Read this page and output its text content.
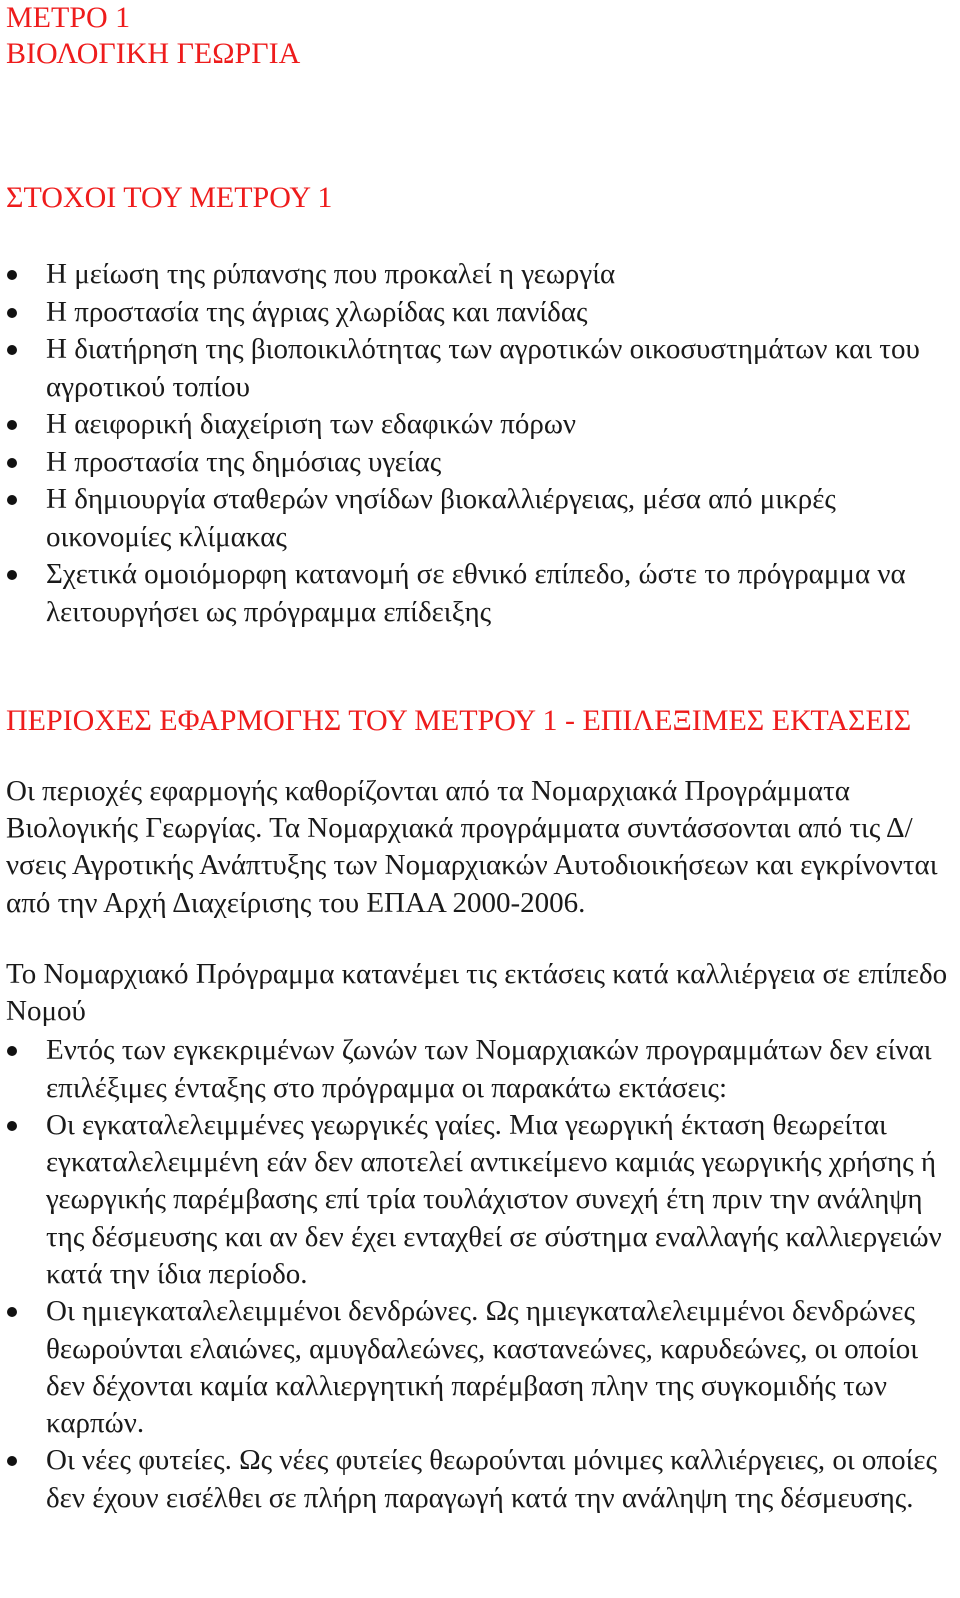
ΜΕΤΡΟ 1
ΒΙΟΛΟΓΙΚΗ ΓΕΩΡΓΙΑ
ΣΤΟΧΟΙ ΤΟΥ ΜΕΤΡΟΥ 1
Η μείωση της ρύπανσης που προκαλεί η γεωργία
Η προστασία της άγριας χλωρίδας και πανίδας
Η διατήρηση της βιοποικιλότητας των αγροτικών οικοσυστημάτων και του αγροτικού τοπίου
Η αειφορική διαχείριση των εδαφικών πόρων
Η προστασία της δημόσιας υγείας
Η δημιουργία σταθερών νησίδων βιοκαλλιέργειας, μέσα από μικρές οικονομίες κλίμακας
Σχετικά ομοιόμορφη κατανομή σε εθνικό επίπεδο, ώστε το πρόγραμμα να λειτουργήσει ως πρόγραμμα επίδειξης
ΠΕΡΙΟΧΕΣ ΕΦΑΡΜΟΓΗΣ ΤΟΥ ΜΕΤΡΟΥ 1 - ΕΠΙΛΕΞΙΜΕΣ ΕΚΤΑΣΕΙΣ

Οι περιοχές εφαρμογής καθορίζονται από τα Νομαρχιακά Προγράμματα Βιολογικής Γεωργίας. Τα Νομαρχιακά προγράμματα συντάσσονται από τις Δ/νσεις Αγροτικής Ανάπτυξης των Νομαρχιακών Αυτοδιοικήσεων και εγκρίνονται από την Αρχή Διαχείρισης του ΕΠΑΑ 2000-2006.

Το Νομαρχιακό Πρόγραμμα κατανέμει τις εκτάσεις κατά καλλιέργεια σε επίπεδο Νομού

Εντός των εγκεκριμένων ζωνών των Νομαρχιακών προγραμμάτων δεν είναι επιλέξιμες ένταξης στο πρόγραμμα οι παρακάτω εκτάσεις:
Οι εγκαταλελειμμένες γεωργικές γαίες. Μια γεωργική έκταση θεωρείται εγκαταλελειμμένη εάν δεν αποτελεί αντικείμενο καμιάς γεωργικής χρήσης ή γεωργικής παρέμβασης επί τρία τουλάχιστον συνεχή έτη πριν την ανάληψη της δέσμευσης και αν δεν έχει ενταχθεί σε σύστημα εναλλαγής καλλιεργειών κατά την ίδια περίοδο.
Οι ημιεγκαταλελειμμένοι δενδρώνες. Ως ημιεγκαταλελειμμένοι δενδρώνες θεωρούνται ελαιώνες, αμυγδαλεώνες, καστανεώνες, καρυδεώνες, οι οποίοι δεν δέχονται καμία καλλιεργητική παρέμβαση πλην της συγκομιδής των καρπών.
Οι νέες φυτείες. Ως νέες φυτείες θεωρούνται μόνιμες καλλιέργειες, οι οποίες δεν έχουν εισέλθει σε πλήρη παραγωγή κατά την ανάληψη της δέσμευσης.
